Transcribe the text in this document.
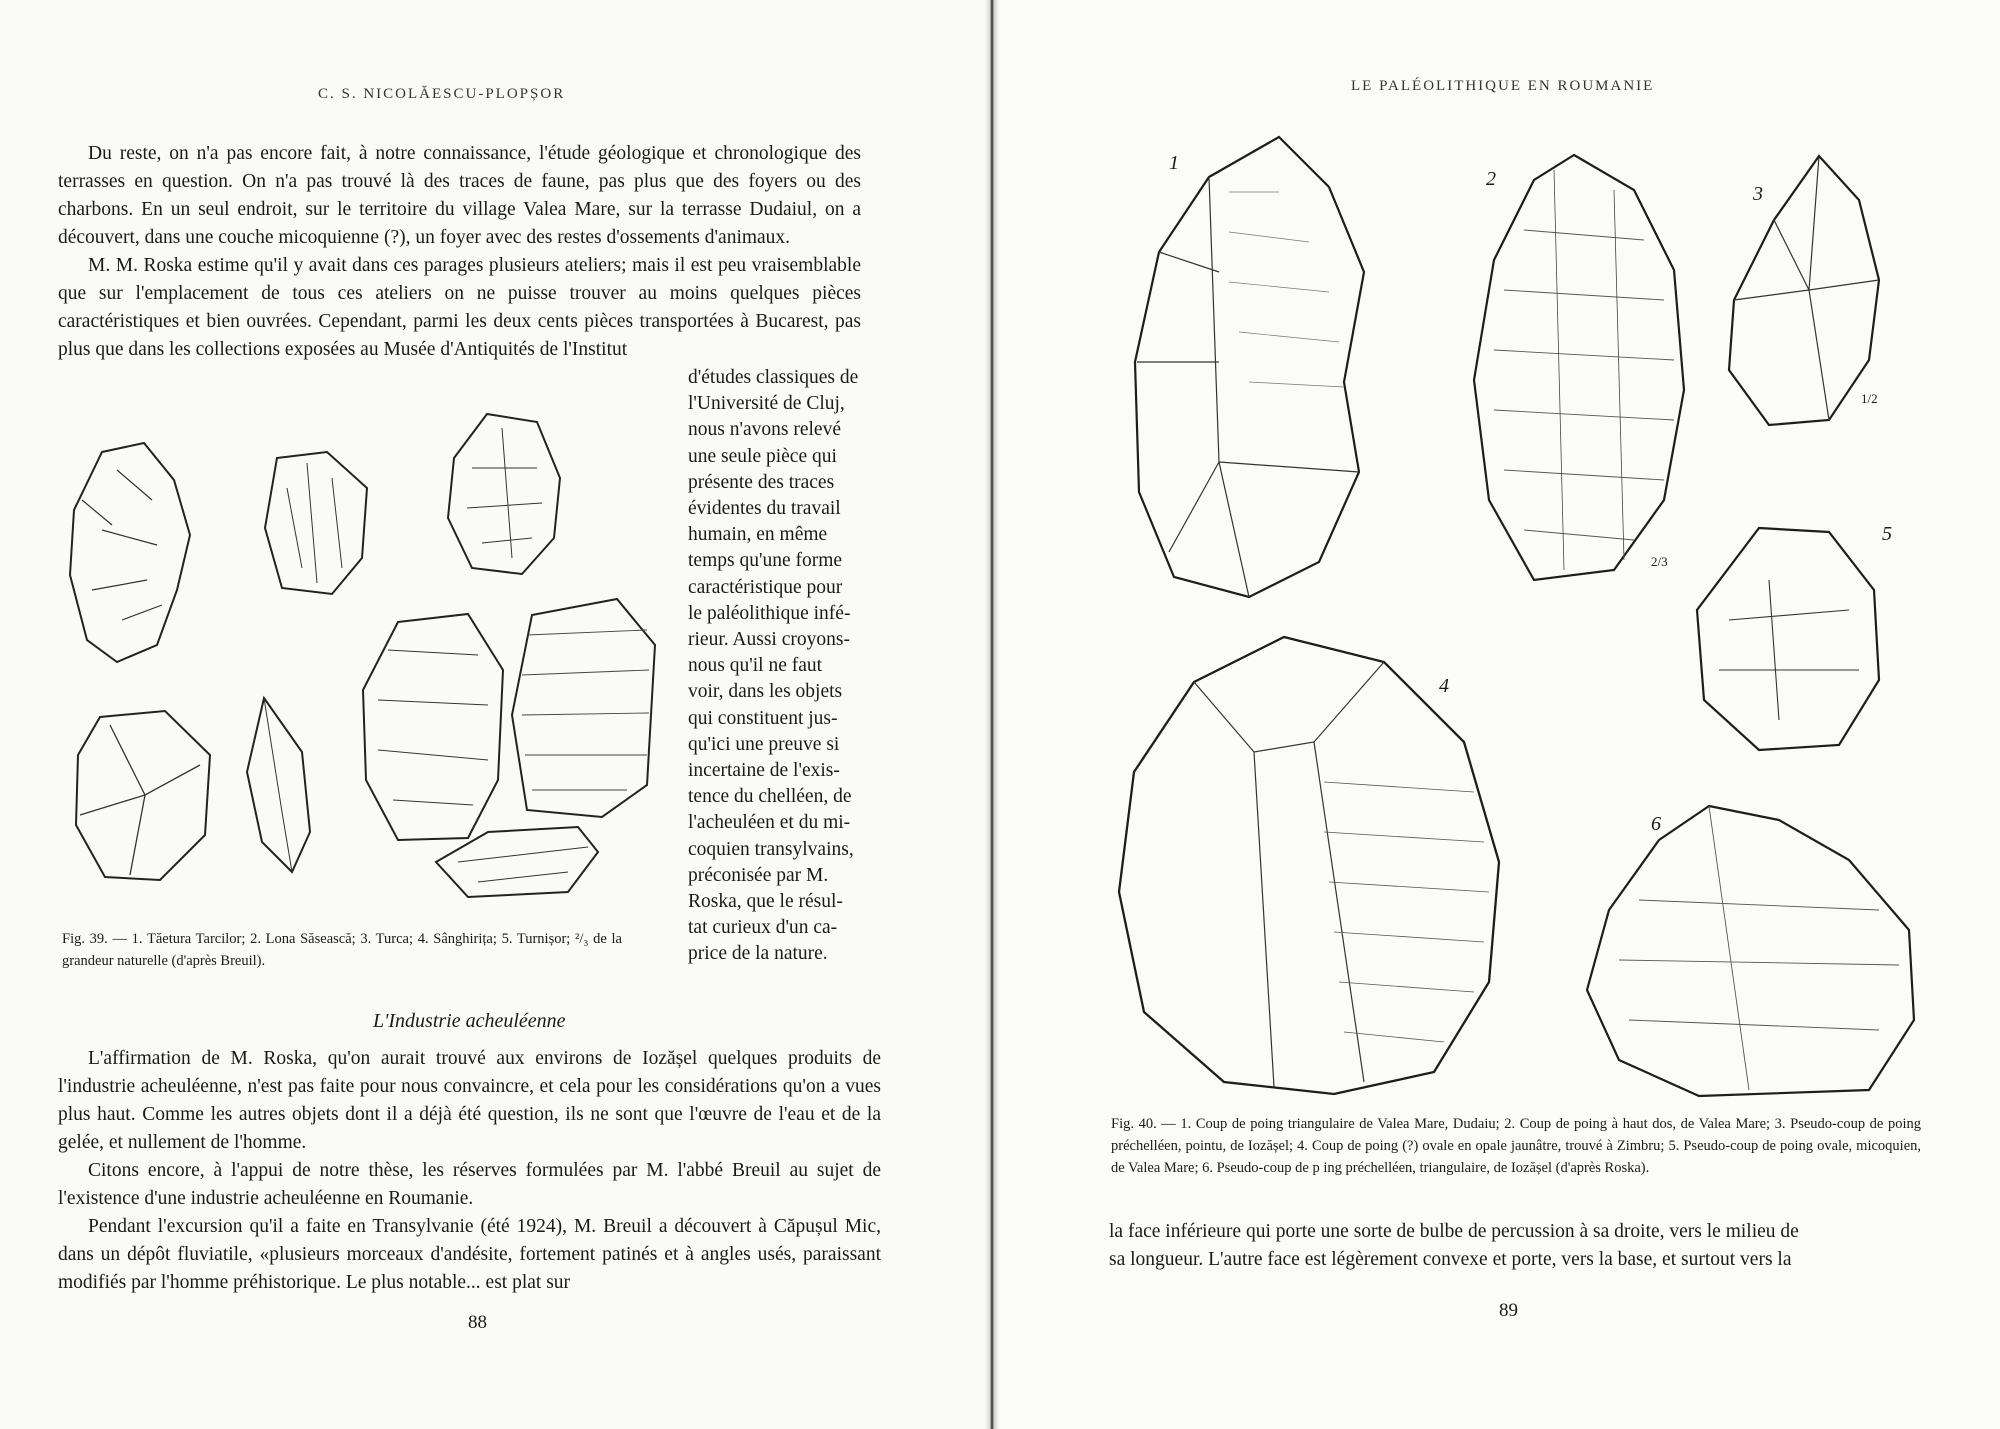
C. S. NICOLĂESCU-PLOPȘOR

Du reste, on n'a pas encore fait, à notre connaissance, l'étude géologique et chronologique des terrasses en question. On n'a pas trouvé là des traces de faune, pas plus que des foyers ou des charbons. En un seul endroit, sur le territoire du village Valea Mare, sur la terrasse Dudaiul, on a découvert, dans une couche micoquienne (?), un foyer avec des restes d'ossements d'animaux.

M. M. Roska estime qu'il y avait dans ces parages plusieurs ateliers; mais il est peu vraisemblable que sur l'emplacement de tous ces ateliers on ne puisse trouver au moins quelques pièces caractéristiques et bien ouvrées. Cependant, parmi les deux cents pièces transportées à Bucarest, pas plus que dans les collections exposées au Musée d'Antiquités de l'Institut

d'études classiques de
l'Université de Cluj,
nous n'avons relevé
une seule pièce qui
présente des traces
évidentes du travail
humain, en même
temps qu'une forme
caractéristique pour
le paléolithique infé-
rieur. Aussi croyons-
nous qu'il ne faut
voir, dans les objets
qui constituent jus-
qu'ici une preuve si
incertaine de l'exis-
tence du chelléen, de
l'acheuléen et du mi-
coquien transylvains,
préconisée par M.
Roska, que le résul-
tat curieux d'un ca-
price de la nature.
Fig. 39. — 1. Tăetura Tarcilor; 2. Lona Săsească; 3. Turca; 4. Sânghirița; 5. Turnișor; ²/₃ de la grandeur naturelle (d'après Breuil).
L'Industrie acheuléenne

L'affirmation de M. Roska, qu'on aurait trouvé aux environs de Iozășel quelques produits de l'industrie acheuléenne, n'est pas faite pour nous convaincre, et cela pour les considérations qu'on a vues plus haut. Comme les autres objets dont il a déjà été question, ils ne sont que l'œuvre de l'eau et de la gelée, et nullement de l'homme.

Citons encore, à l'appui de notre thèse, les réserves formulées par M. l'abbé Breuil au sujet de l'existence d'une industrie acheuléenne en Roumanie.

Pendant l'excursion qu'il a faite en Transylvanie (été 1924), M. Breuil a découvert à Căpușul Mic, dans un dépôt fluviatile, «plusieurs morceaux d'andésite, fortement patinés et à angles usés, paraissant modifiés par l'homme préhistorique. Le plus notable... est plat sur

88
LE PALÉOLITHIQUE EN ROUMANIE
1
2
2/3
3
1/2
5
4
6
Fig. 40. — 1. Coup de poing triangulaire de Valea Mare, Dudaiu; 2. Coup de poing à haut dos, de Valea Mare; 3. Pseudo-coup de poing préchelléen, pointu, de Iozășel; 4. Coup de poing (?) ovale en opale jaunâtre, trouvé à Zimbru; 5. Pseudo-coup de poing ovale, micoquien, de Valea Mare; 6. Pseudo-coup de p ing préchelléen, triangulaire, de Iozășel (d'après Roska).
la face inférieure qui porte une sorte de bulbe de percussion à sa droite, vers le milieu de
sa longueur. L'autre face est légèrement convexe et porte, vers la base, et surtout vers la
89
